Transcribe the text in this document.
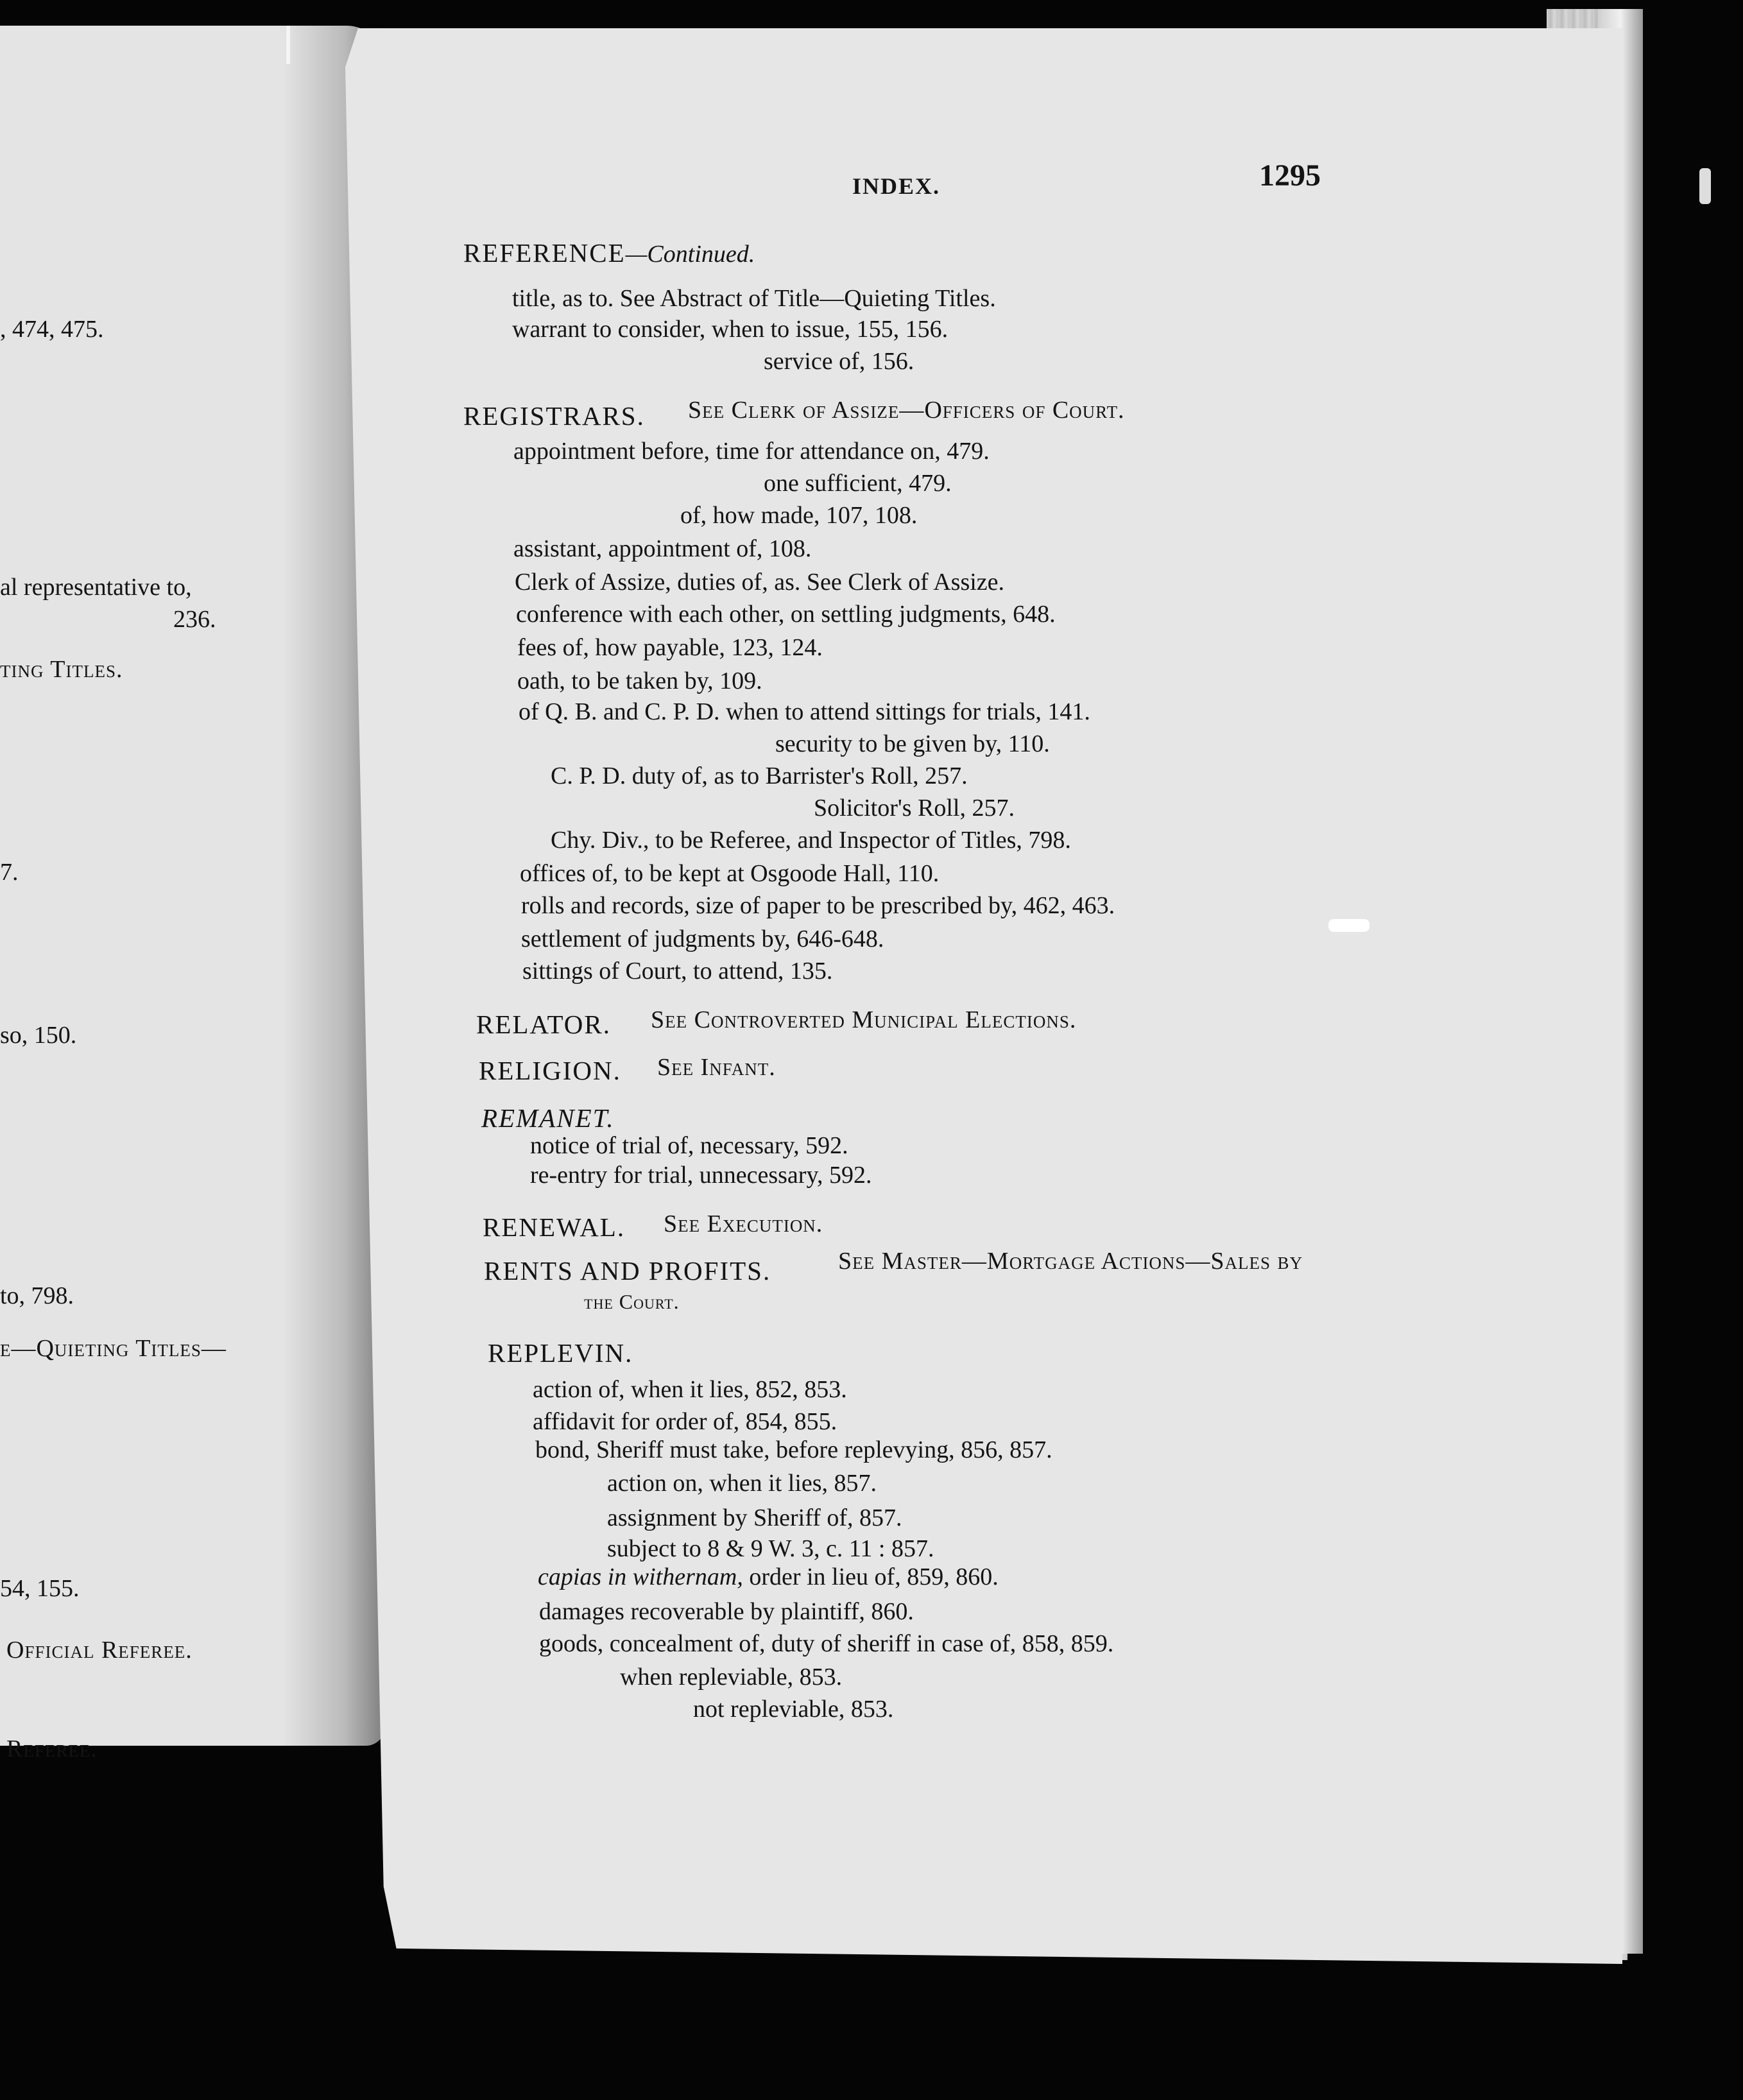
, 474, 475.
al representative to,
236.
ting Titles.
7.
so, 150.
to, 798.
e—Quieting Titles—
54, 155.
Official Referee.
Referee.
INDEX.	1295
REFERENCE—Continued.
title, as to. See Abstract of Title—Quieting Titles.
warrant to consider, when to issue, 155, 156.
service of, 156.
REGISTRARS. See Clerk of Assize—Officers of Court.
appointment before, time for attendance on, 479.
one sufficient, 479.
of, how made, 107, 108.
assistant, appointment of, 108.
Clerk of Assize, duties of, as. See Clerk of Assize.
conference with each other, on settling judgments, 648.
fees of, how payable, 123, 124.
oath, to be taken by, 109.
of Q. B. and C. P. D. when to attend sittings for trials, 141.
security to be given by, 110.
C. P. D. duty of, as to Barrister's Roll, 257.
Solicitor's Roll, 257.
Chy. Div., to be Referee, and Inspector of Titles, 798.
offices of, to be kept at Osgoode Hall, 110.
rolls and records, size of paper to be prescribed by, 462, 463.
settlement of judgments by, 646-648.
sittings of Court, to attend, 135.
RELATOR. See Controverted Municipal Elections.
RELIGION. See Infant.
REMANET.
notice of trial of, necessary, 592.
re-entry for trial, unnecessary, 592.
RENEWAL. See Execution.
RENTS AND PROFITS.	See Master—Mortgage Actions—Sales by
the Court.
REPLEVIN.
action of, when it lies, 852, 853.
affidavit for order of, 854, 855.
bond, Sheriff must take, before replevying, 856, 857.
action on, when it lies, 857.
assignment by Sheriff of, 857.
subject to 8 & 9 W. 3, c. 11 : 857.
capias in withernam, order in lieu of, 859, 860.
damages recoverable by plaintiff, 860.
goods, concealment of, duty of sheriff in case of, 858, 859.
when repleviable, 853.
not repleviable, 853.
